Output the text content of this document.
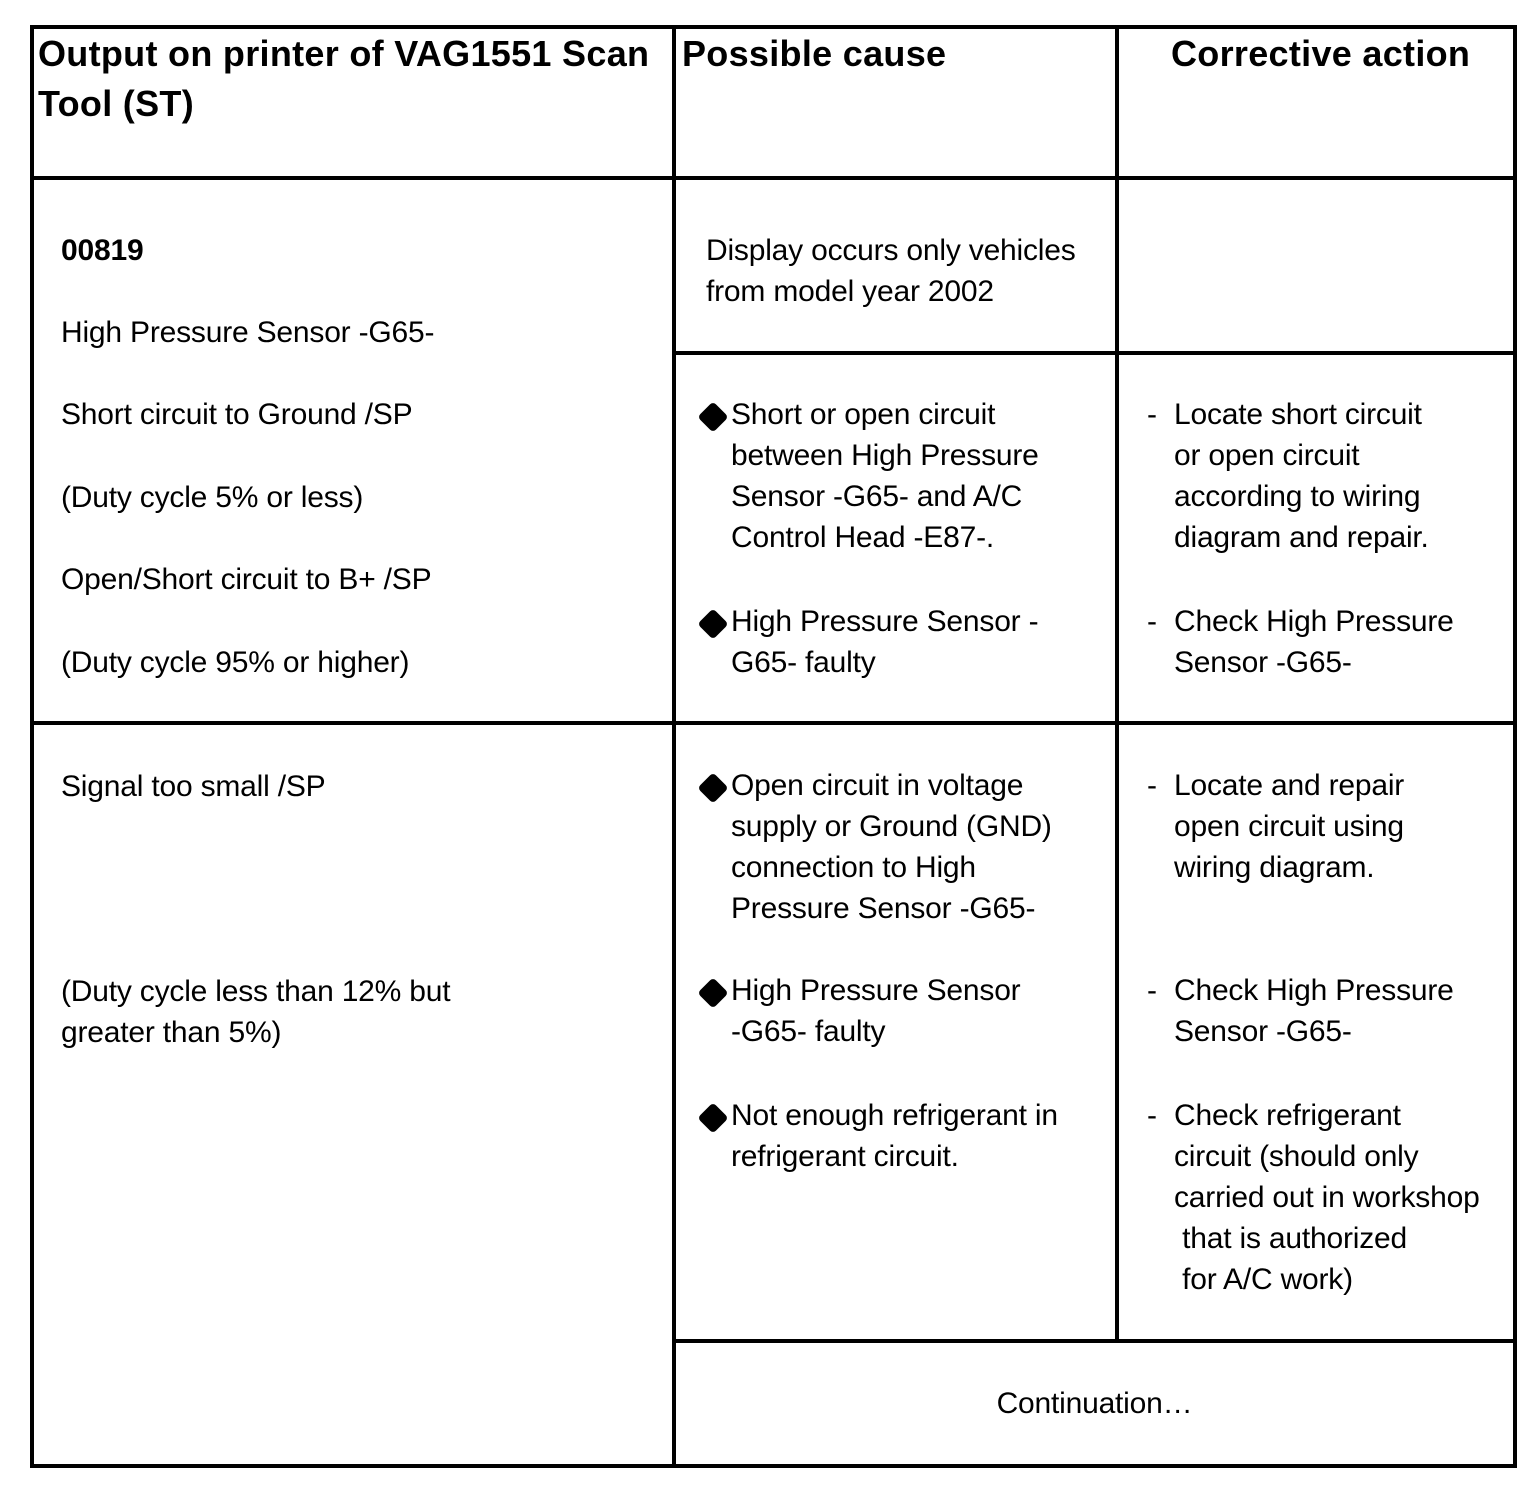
Output on printer of VAG1551 Scan
Tool (ST)
Possible cause	Corrective action
00819
High Pressure Sensor -G65-
Short circuit to Ground /SP
(Duty cycle 5% or less)
Open/Short circuit to B+ /SP
(Duty cycle 95% or higher)
Display occurs only vehicles
from model year 2002
Short or open circuit
between High Pressure
Sensor -G65- and A/C
Control Head -E87-.
High Pressure Sensor -
G65- faulty
- Locate short circuit
or open circuit
according to wiring
diagram and repair.
- Check High Pressure
Sensor -G65-
Signal too small /SP
(Duty cycle less than 12% but
greater than 5%)
Open circuit in voltage
supply or Ground (GND)
connection to High
Pressure Sensor -G65-
High Pressure Sensor
-G65- faulty
Not enough refrigerant in
refrigerant circuit.
- Locate and repair
open circuit using
wiring diagram.
- Check High Pressure
Sensor -G65-
- Check refrigerant
circuit (should only
carried out in workshop
that is authorized
for A/C work)
Continuation…
